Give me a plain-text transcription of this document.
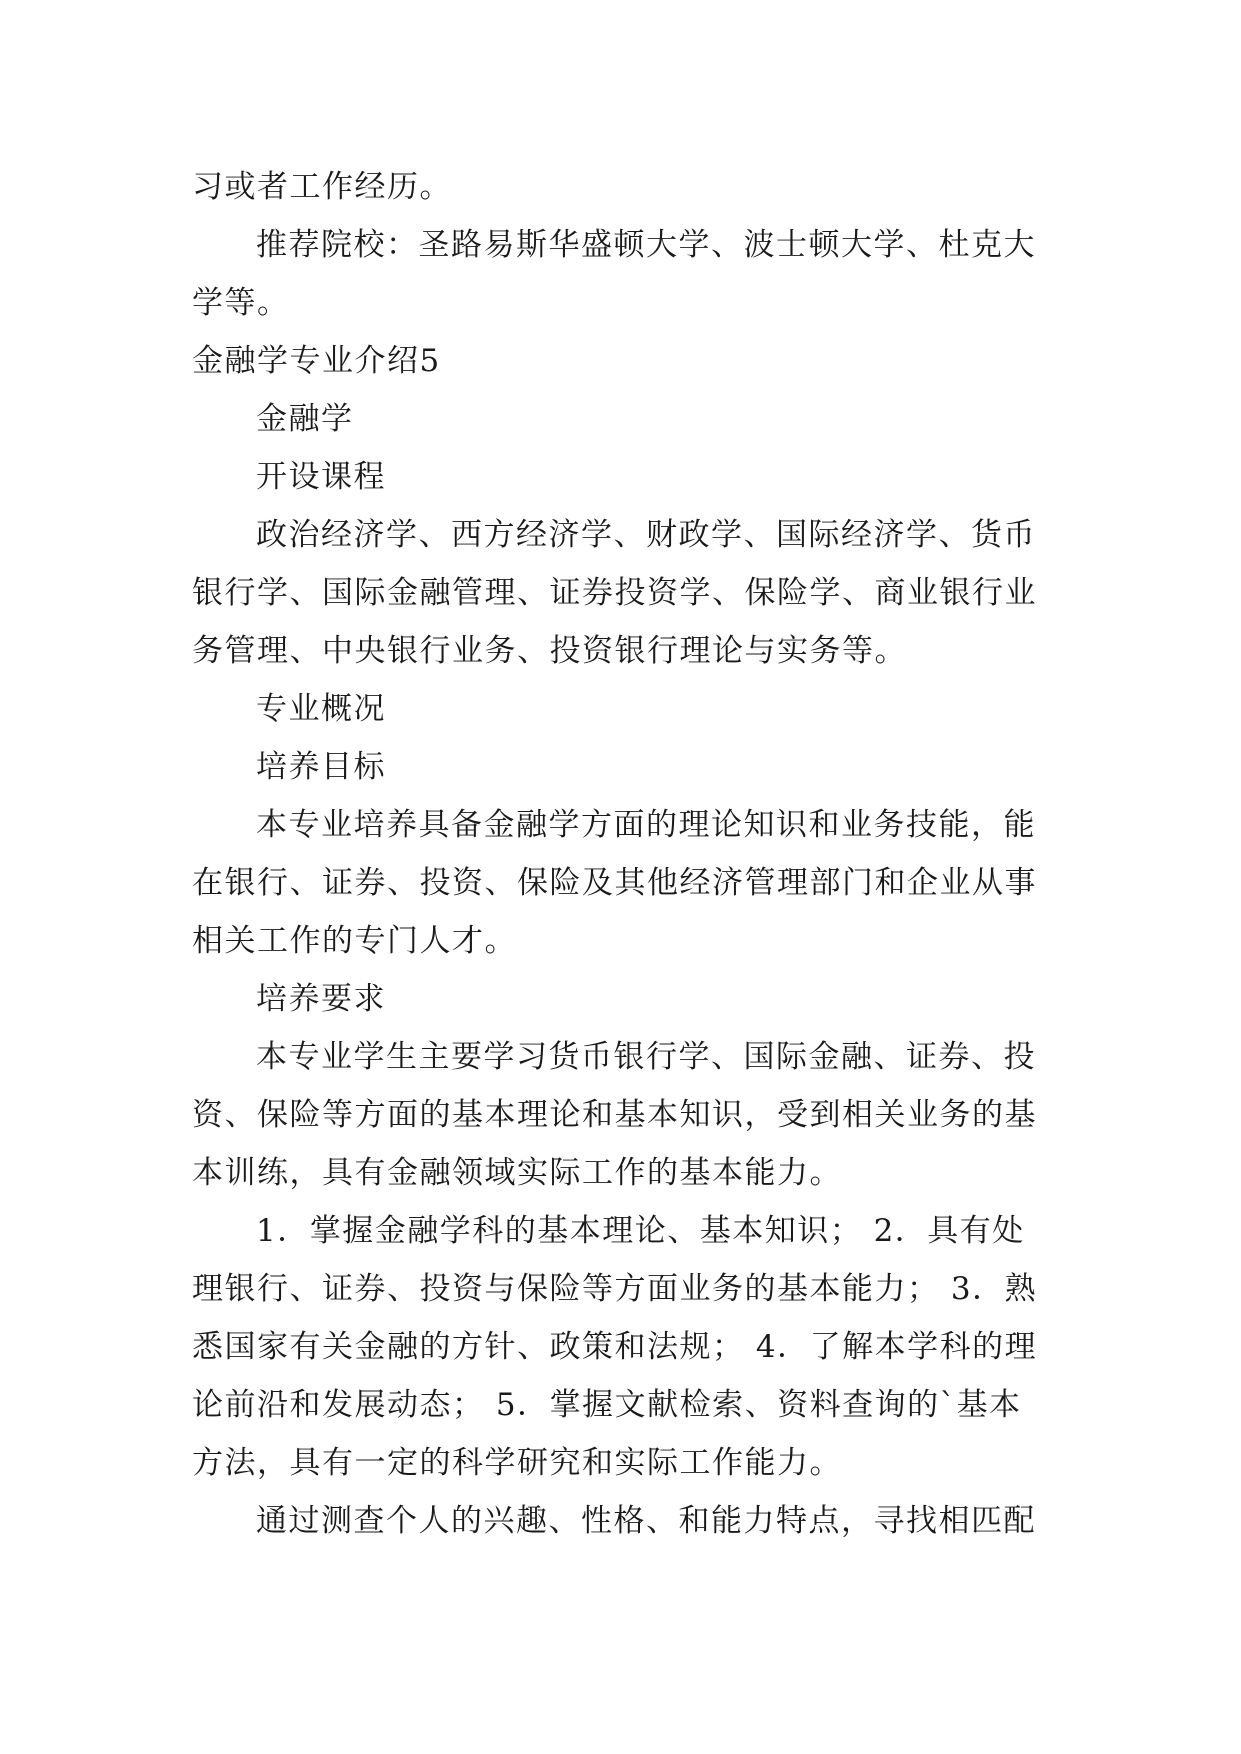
习或者工作经历。
推荐院校：圣路易斯华盛顿大学、波士顿大学、杜克大
学等。
金融学专业介绍5
金融学
开设课程
政治经济学、西方经济学、财政学、国际经济学、货币
银行学、国际金融管理、证券投资学、保险学、商业银行业
务管理、中央银行业务、投资银行理论与实务等。
专业概况
培养目标
本专业培养具备金融学方面的理论知识和业务技能，能
在银行、证券、投资、保险及其他经济管理部门和企业从事
相关工作的专门人才。
培养要求
本专业学生主要学习货币银行学、国际金融、证券、投
资、保险等方面的基本理论和基本知识，受到相关业务的基
本训练，具有金融领域实际工作的基本能力。
1．掌握金融学科的基本理论、基本知识； 2．具有处
理银行、证券、投资与保险等方面业务的基本能力； 3．熟
悉国家有关金融的方针、政策和法规； 4．了解本学科的理
论前沿和发展动态； 5．掌握文献检索、资料查询的`基本
方法，具有一定的科学研究和实际工作能力。
通过测查个人的兴趣、性格、和能力特点，寻找相匹配
